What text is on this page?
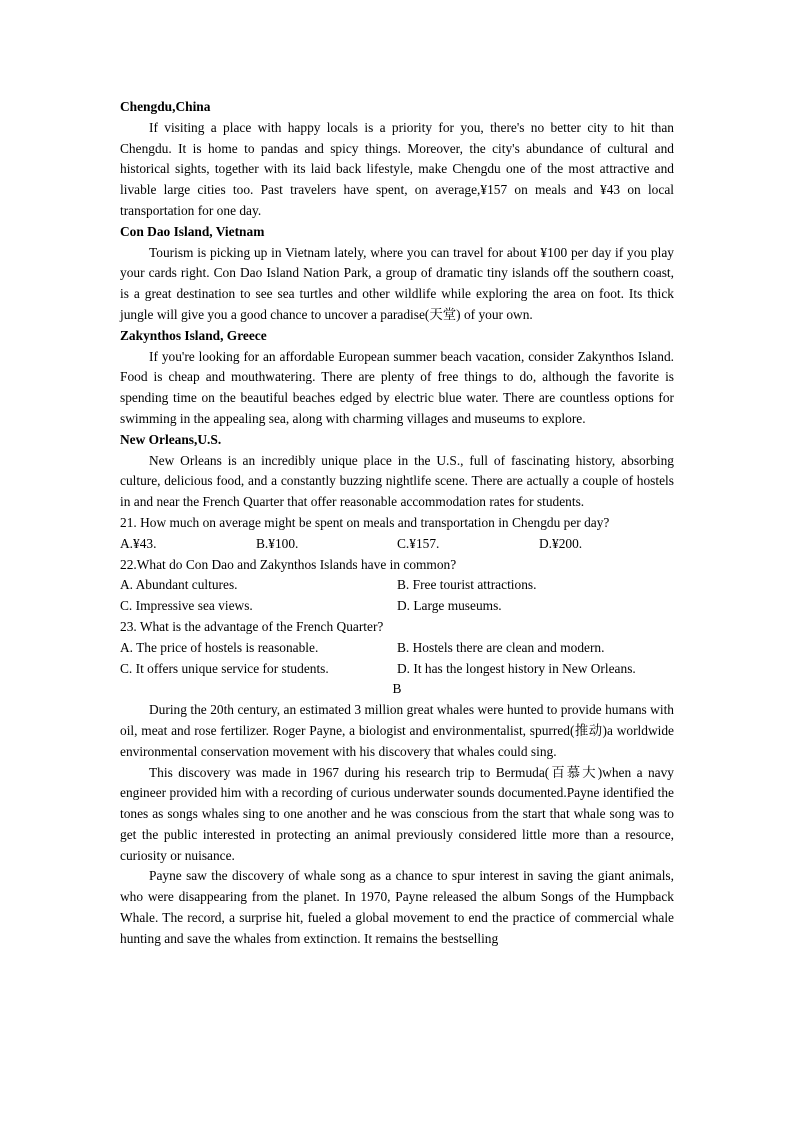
Chengdu,China

If visiting a place with happy locals is a priority for you, there's no better city to hit than Chengdu. It is home to pandas and spicy things. Moreover, the city's abundance of cultural and historical sights, together with its laid back lifestyle, make Chengdu one of the most attractive and livable large cities too. Past travelers have spent, on average,¥157 on meals and ¥43 on local transportation for one day.

Con Dao Island, Vietnam

Tourism is picking up in Vietnam lately, where you can travel for about ¥100 per day if you play your cards right. Con Dao Island Nation Park, a group of dramatic tiny islands off the southern coast, is a great destination to see sea turtles and other wildlife while exploring the area on foot. Its thick jungle will give you a good chance to uncover a paradise(天堂) of your own.

Zakynthos Island, Greece

If you're looking for an affordable European summer beach vacation, consider Zakynthos Island. Food is cheap and mouthwatering. There are plenty of free things to do, although the favorite is spending time on the beautiful beaches edged by electric blue water. There are countless options for swimming in the appealing sea, along with charming villages and museums to explore.

New Orleans,U.S.

New Orleans is an incredibly unique place in the U.S., full of fascinating history, absorbing culture, delicious food, and a constantly buzzing nightlife scene. There are actually a couple of hostels in and near the French Quarter that offer reasonable accommodation rates for students.

21. How much on average might be spent on meals and transportation in Chengdu per day?

A.¥43.	B.¥100.	C.¥157.	D.¥200.

22.What do Con Dao and Zakynthos Islands have in common?

A. Abundant cultures.	B. Free tourist attractions.
C. Impressive sea views.	D. Large museums.

23. What is the advantage of the French Quarter?

A. The price of hostels is reasonable.	B. Hostels there are clean and modern.
C. It offers unique service for students.	D. It has the longest history in New Orleans.

B

During the 20th century, an estimated 3 million great whales were hunted to provide humans with oil, meat and rose fertilizer. Roger Payne, a biologist and environmentalist, spurred(推动)a worldwide environmental conservation movement with his discovery that whales could sing.

This discovery was made in 1967 during his research trip to Bermuda(百慕大)when a navy engineer provided him with a recording of curious underwater sounds documented.Payne identified the tones as songs whales sing to one another and he was conscious from the start that whale song was to get the public interested in protecting an animal previously considered little more than a resource, curiosity or nuisance.

Payne saw the discovery of whale song as a chance to spur interest in saving the giant animals, who were disappearing from the planet. In 1970, Payne released the album Songs of the Humpback Whale. The record, a surprise hit, fueled a global movement to end the practice of commercial whale hunting and save the whales from extinction. It remains the bestselling
